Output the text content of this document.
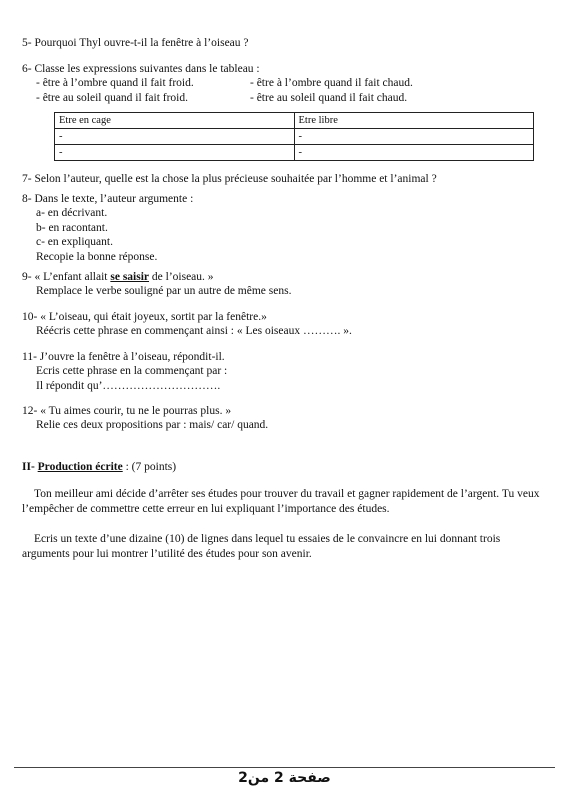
5- Pourquoi Thyl ouvre-t-il la fenêtre à l’oiseau ?
6- Classe les expressions suivantes dans le tableau :
- être à l’ombre quand il fait froid.	- être à l’ombre quand il fait chaud.
- être au soleil quand il fait froid.	- être au soleil quand il fait chaud.
Etre en cage	Etre libre
-	-
-	-
7- Selon l’auteur, quelle est la chose la plus précieuse souhaitée par l’homme et l’animal ?
8- Dans le texte, l’auteur argumente :
a- en décrivant.
b- en racontant.
c- en expliquant.
Recopie la bonne réponse.
9- « L’enfant allait se saisir de l’oiseau. »
Remplace le verbe souligné par un autre de même sens.
10- « L’oiseau, qui était joyeux, sortit par la fenêtre.»
Réécris cette phrase en commençant ainsi : « Les oiseaux ………. ».
11- J’ouvre la fenêtre à l’oiseau, répondit-il.
Ecris cette phrase en la commençant par :
Il répondit qu’………………………….
12- « Tu aimes courir, tu ne le pourras plus. »
Relie ces deux propositions par : mais/ car/ quand.
II- Production écrite : (7 points)
Ton meilleur ami décide d’arrêter ses études pour trouver du travail et gagner rapidement de l’argent. Tu veux l’empêcher de commettre cette erreur en lui expliquant l’importance des études.
Ecris un texte d’une dizaine (10) de lignes dans lequel tu essaies de le convaincre en lui donnant trois arguments pour lui montrer l’utilité des études pour son avenir.
صفحة 2 من2
